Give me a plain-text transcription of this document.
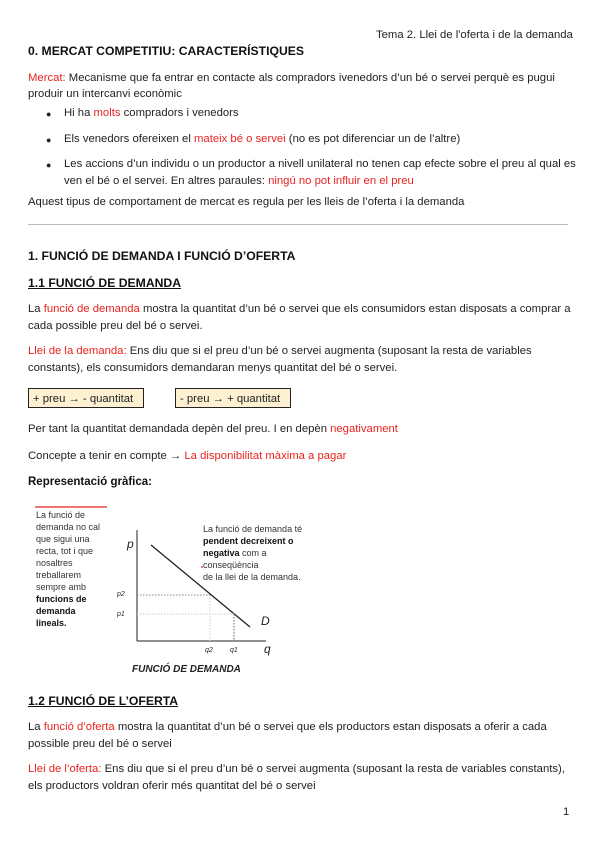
Tema 2. Llei de l'oferta i de la demanda
0. MERCAT COMPETITIU: CARACTERÍSTIQUES
Mercat: Mecanisme que fa entrar en contacte als compradors ivenedors d’un bé o servei perquè es pugui
produir un intercanvi econòmic
● Hi ha molts compradors i venedors
● Els venedors ofereixen el mateix bé o servei (no es pot diferenciar un de l’altre)
● Les accions d’un individu o un productor a nivell unilateral no tenen cap efecte sobre el preu al qual es
ven el bé o el servei. En altres paraules: ningú no pot influir en el preu
Aquest tipus de comportament de mercat es regula per les lleis de l’oferta i la demanda
1. FUNCIÓ DE DEMANDA I FUNCIÓ D’OFERTA
1.1 FUNCIÓ DE DEMANDA
La funció de demanda mostra la quantitat d’un bé o servei que els consumidors estan disposats a comprar a
cada possible preu del bé o servei.
Llei de la demanda: Ens diu que si el preu d’un bé o servei augmenta (suposant la resta de variables
constants), els consumidors demandaran menys quantitat del bé o servei.
+ preu → - quantitat	- preu → + quantitat
Per tant la quantitat demandada depèn del preu. I en depèn negativament
Concepte a tenir en compte → La disponibilitat màxima a pagar
Representació gràfica:
La funció de
demanda no cal
que sigui una
recta, tot i que
nosaltres
treballarem
sempre amb
funcions de
demanda
lineals.
La funció de demanda té
pendent decreixent o
negativa com a conseqüència
de la llei de la demanda.
p
q
p2
p1
q2 q1
D
FUNCIÓ DE DEMANDA
1.2 FUNCIÓ DE L’OFERTA
La funció d’oferta mostra la quantitat d’un bé o servei que els productors estan disposats a oferir a cada
possible preu del bé o servei
Llei de l’oferta: Ens diu que si el preu d’un bé o servei augmenta (suposant la resta de variables constants),
els productors voldran oferir més quantitat del bé o servei
1
